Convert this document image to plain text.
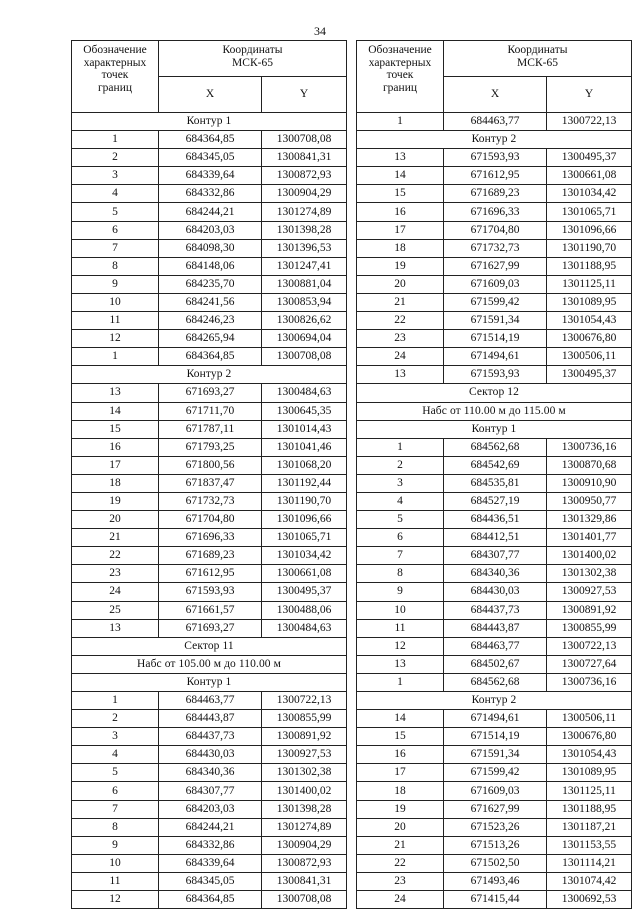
34
Обозначение
характерных
точек
границ	Координаты
МСК-65	
	X	Y
Контур 1		
1	684364,85	1300708,08
2	684345,05	1300841,31
3	684339,64	1300872,93
4	684332,86	1300904,29
5	684244,21	1301274,89
6	684203,03	1301398,28
7	684098,30	1301396,53
8	684148,06	1301247,41
9	684235,70	1300881,04
10	684241,56	1300853,94
11	684246,23	1300826,62
12	684265,94	1300694,04
1	684364,85	1300708,08
Контур 2		
13	671693,27	1300484,63
14	671711,70	1300645,35
15	671787,11	1301014,43
16	671793,25	1301041,46
17	671800,56	1301068,20
18	671837,47	1301192,44
19	671732,73	1301190,70
20	671704,80	1301096,66
21	671696,33	1301065,71
22	671689,23	1301034,42
23	671612,95	1300661,08
24	671593,93	1300495,37
25	671661,57	1300488,06
13	671693,27	1300484,63
Сектор 11		
Набс от 105.00 м до 110.00 м		
Контур 1		
1	684463,77	1300722,13
2	684443,87	1300855,99
3	684437,73	1300891,92
4	684430,03	1300927,53
5	684340,36	1301302,38
6	684307,77	1301400,02
7	684203,03	1301398,28
8	684244,21	1301274,89
9	684332,86	1300904,29
10	684339,64	1300872,93
11	684345,05	1300841,31
12	684364,85	1300708,08
Обозначение
характерных
точек
границ	Координаты
МСК-65	
	X	Y
1	684463,77	1300722,13
Контур 2		
13	671593,93	1300495,37
14	671612,95	1300661,08
15	671689,23	1301034,42
16	671696,33	1301065,71
17	671704,80	1301096,66
18	671732,73	1301190,70
19	671627,99	1301188,95
20	671609,03	1301125,11
21	671599,42	1301089,95
22	671591,34	1301054,43
23	671514,19	1300676,80
24	671494,61	1300506,11
13	671593,93	1300495,37
Сектор 12		
Набс от 110.00 м до 115.00 м		
Контур 1		
1	684562,68	1300736,16
2	684542,69	1300870,68
3	684535,81	1300910,90
4	684527,19	1300950,77
5	684436,51	1301329,86
6	684412,51	1301401,77
7	684307,77	1301400,02
8	684340,36	1301302,38
9	684430,03	1300927,53
10	684437,73	1300891,92
11	684443,87	1300855,99
12	684463,77	1300722,13
13	684502,67	1300727,64
1	684562,68	1300736,16
Контур 2		
14	671494,61	1300506,11
15	671514,19	1300676,80
16	671591,34	1301054,43
17	671599,42	1301089,95
18	671609,03	1301125,11
19	671627,99	1301188,95
20	671523,26	1301187,21
21	671513,26	1301153,55
22	671502,50	1301114,21
23	671493,46	1301074,42
24	671415,44	1300692,53
